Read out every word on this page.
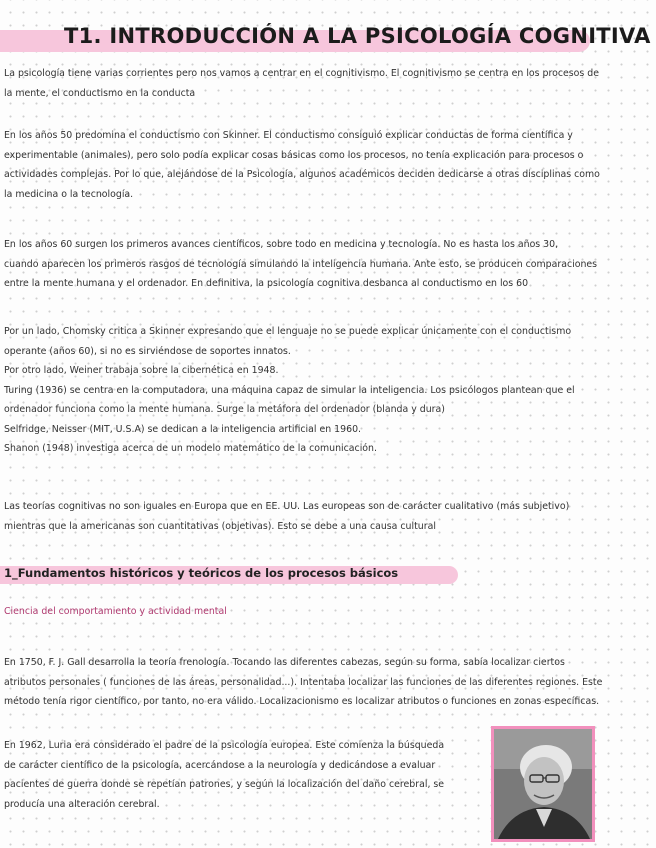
T1. INTRODUCCIÓN A LA PSICOLOGÍA COGNITIVA

La psicología tiene varias corrientes pero nos vamos a centrar en el cognitivismo. El cognitivismo se centra en los procesos de
la mente, el conductismo en la conducta

En los años 50 predomina el conductismo con Skinner. El conductismo consiguió explicar conductas de forma científica y
experimentable (animales), pero solo podía explicar cosas básicas como los procesos, no tenía explicación para procesos o
actividades complejas. Por lo que, alejándose de la Psicología, algunos académicos deciden dedicarse a otras disciplinas como
la medicina o la tecnología.

En los años 60 surgen los primeros avances científicos, sobre todo en medicina y tecnología. No es hasta los años 30,
cuando aparecen los primeros rasgos de tecnología simulando la inteligencia humana. Ante esto, se producen comparaciones
entre la mente humana y el ordenador. En definitiva, la psicología cognitiva desbanca al conductismo en los 60

Por un lado, Chomsky critica a Skinner expresando que el lenguaje no se puede explicar únicamente con el conductismo
operante (años 60), si no es sirviéndose de soportes innatos.
Por otro lado, Weiner trabaja sobre la cibernética en 1948.
Turing (1936) se centra en la computadora, una máquina capaz de simular la inteligencia. Los psicólogos plantean que el
ordenador funciona como la mente humana. Surge la metáfora del ordenador (blanda y dura)
Selfridge, Neisser (MIT, U.S.A) se dedican a la inteligencia artificial en 1960.
Shanon (1948) investiga acerca de un modelo matemático de la comunicación.

Las teorías cognitivas no son iguales en Europa que en EE. UU. Las europeas son de carácter cualitativo (más subjetivo)
mientras que la americanas son cuantitativas (objetivas). Esto se debe a una causa cultural

1_Fundamentos históricos y teóricos de los procesos básicos
Ciencia del comportamiento y actividad mental

En 1750, F. J. Gall desarrolla la teoría frenología. Tocando las diferentes cabezas, según su forma, sabía localizar ciertos
atributos personales ( funciones de las áreas, personalidad...). Intentaba localizar las funciones de las diferentes regiones. Este
método tenía rigor científico, por tanto, no era válido. Localizacionismo es localizar atributos o funciones en zonas específicas.

En 1962, Luria era considerado el padre de la psicología europea. Este comienza la búsqueda
de carácter científico de la psicología, acercándose a la neurología y dedicándose a evaluar
pacientes de guerra donde se repetían patrones, y según la localización del daño cerebral, se
producía una alteración cerebral.
